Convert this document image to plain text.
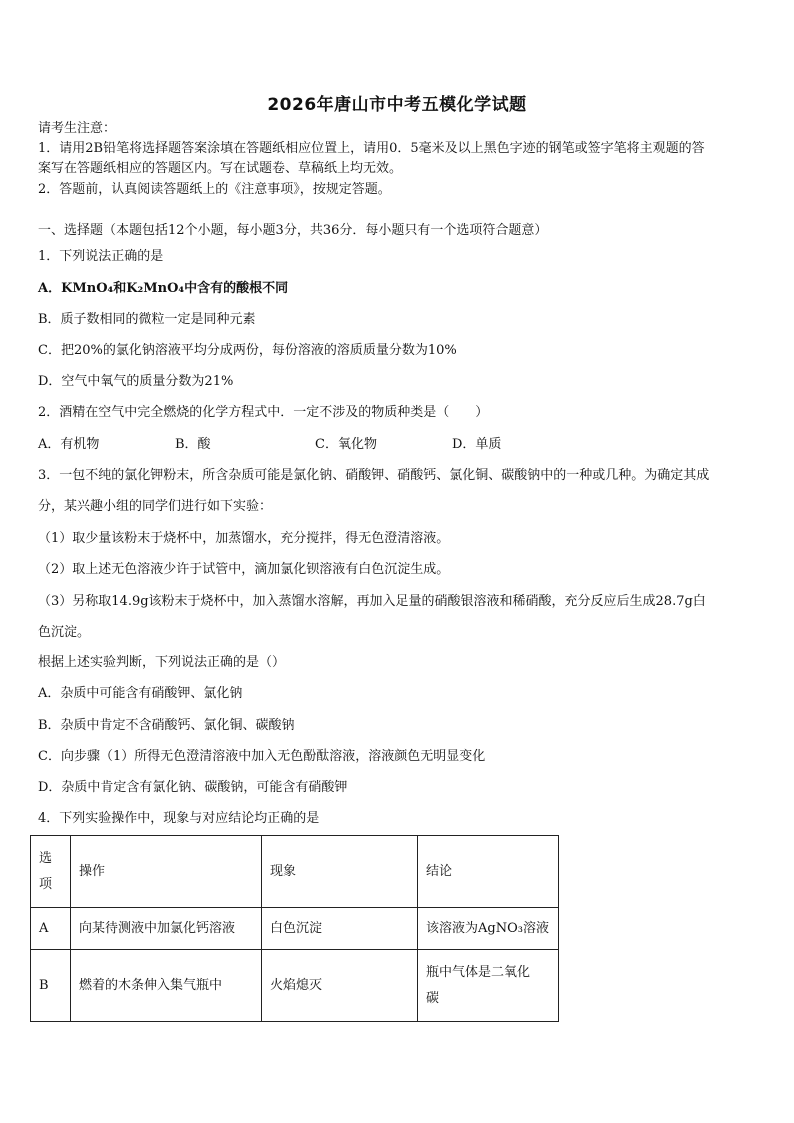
2026年唐山市中考五模化学试题
请考生注意：
1．请用2B铅笔将选择题答案涂填在答题纸相应位置上，请用0．5毫米及以上黑色字迹的钢笔或签字笔将主观题的答
案写在答题纸相应的答题区内。写在试题卷、草稿纸上均无效。
2．答题前，认真阅读答题纸上的《注意事项》，按规定答题。
一、选择题（本题包括12个小题，每小题3分，共36分．每小题只有一个选项符合题意）
1．下列说法正确的是
A．KMnO₄和K₂MnO₄中含有的酸根不同
B．质子数相同的微粒一定是同种元素
C．把20%的氯化钠溶液平均分成两份，每份溶液的溶质质量分数为10%
D．空气中氧气的质量分数为21%
2．酒精在空气中完全燃烧的化学方程式中．一定不涉及的物质种类是（　　）
A．有机物	B．酸	C．氧化物	D．单质
3．一包不纯的氯化钾粉末，所含杂质可能是氯化钠、硝酸钾、硝酸钙、氯化铜、碳酸钠中的一种或几种。为确定其成
分，某兴趣小组的同学们进行如下实验：
（1）取少量该粉末于烧杯中，加蒸馏水，充分搅拌，得无色澄清溶液。
（2）取上述无色溶液少许于试管中，滴加氯化钡溶液有白色沉淀生成。
（3）另称取14.9g该粉末于烧杯中，加入蒸馏水溶解，再加入足量的硝酸银溶液和稀硝酸，充分反应后生成28.7g白
色沉淀。
根据上述实验判断，下列说法正确的是（）
A．杂质中可能含有硝酸钾、氯化钠
B．杂质中肯定不含硝酸钙、氯化铜、碳酸钠
C．向步骤（1）所得无色澄清溶液中加入无色酚酞溶液，溶液颜色无明显变化
D．杂质中肯定含有氯化钠、碳酸钠，可能含有硝酸钾
4．下列实验操作中，现象与对应结论均正确的是
选
项	操作	现象	结论
A	向某待测液中加氯化钙溶液	白色沉淀	该溶液为AgNO₃溶液
B	燃着的木条伸入集气瓶中	火焰熄灭	瓶中气体是二氧化
碳
